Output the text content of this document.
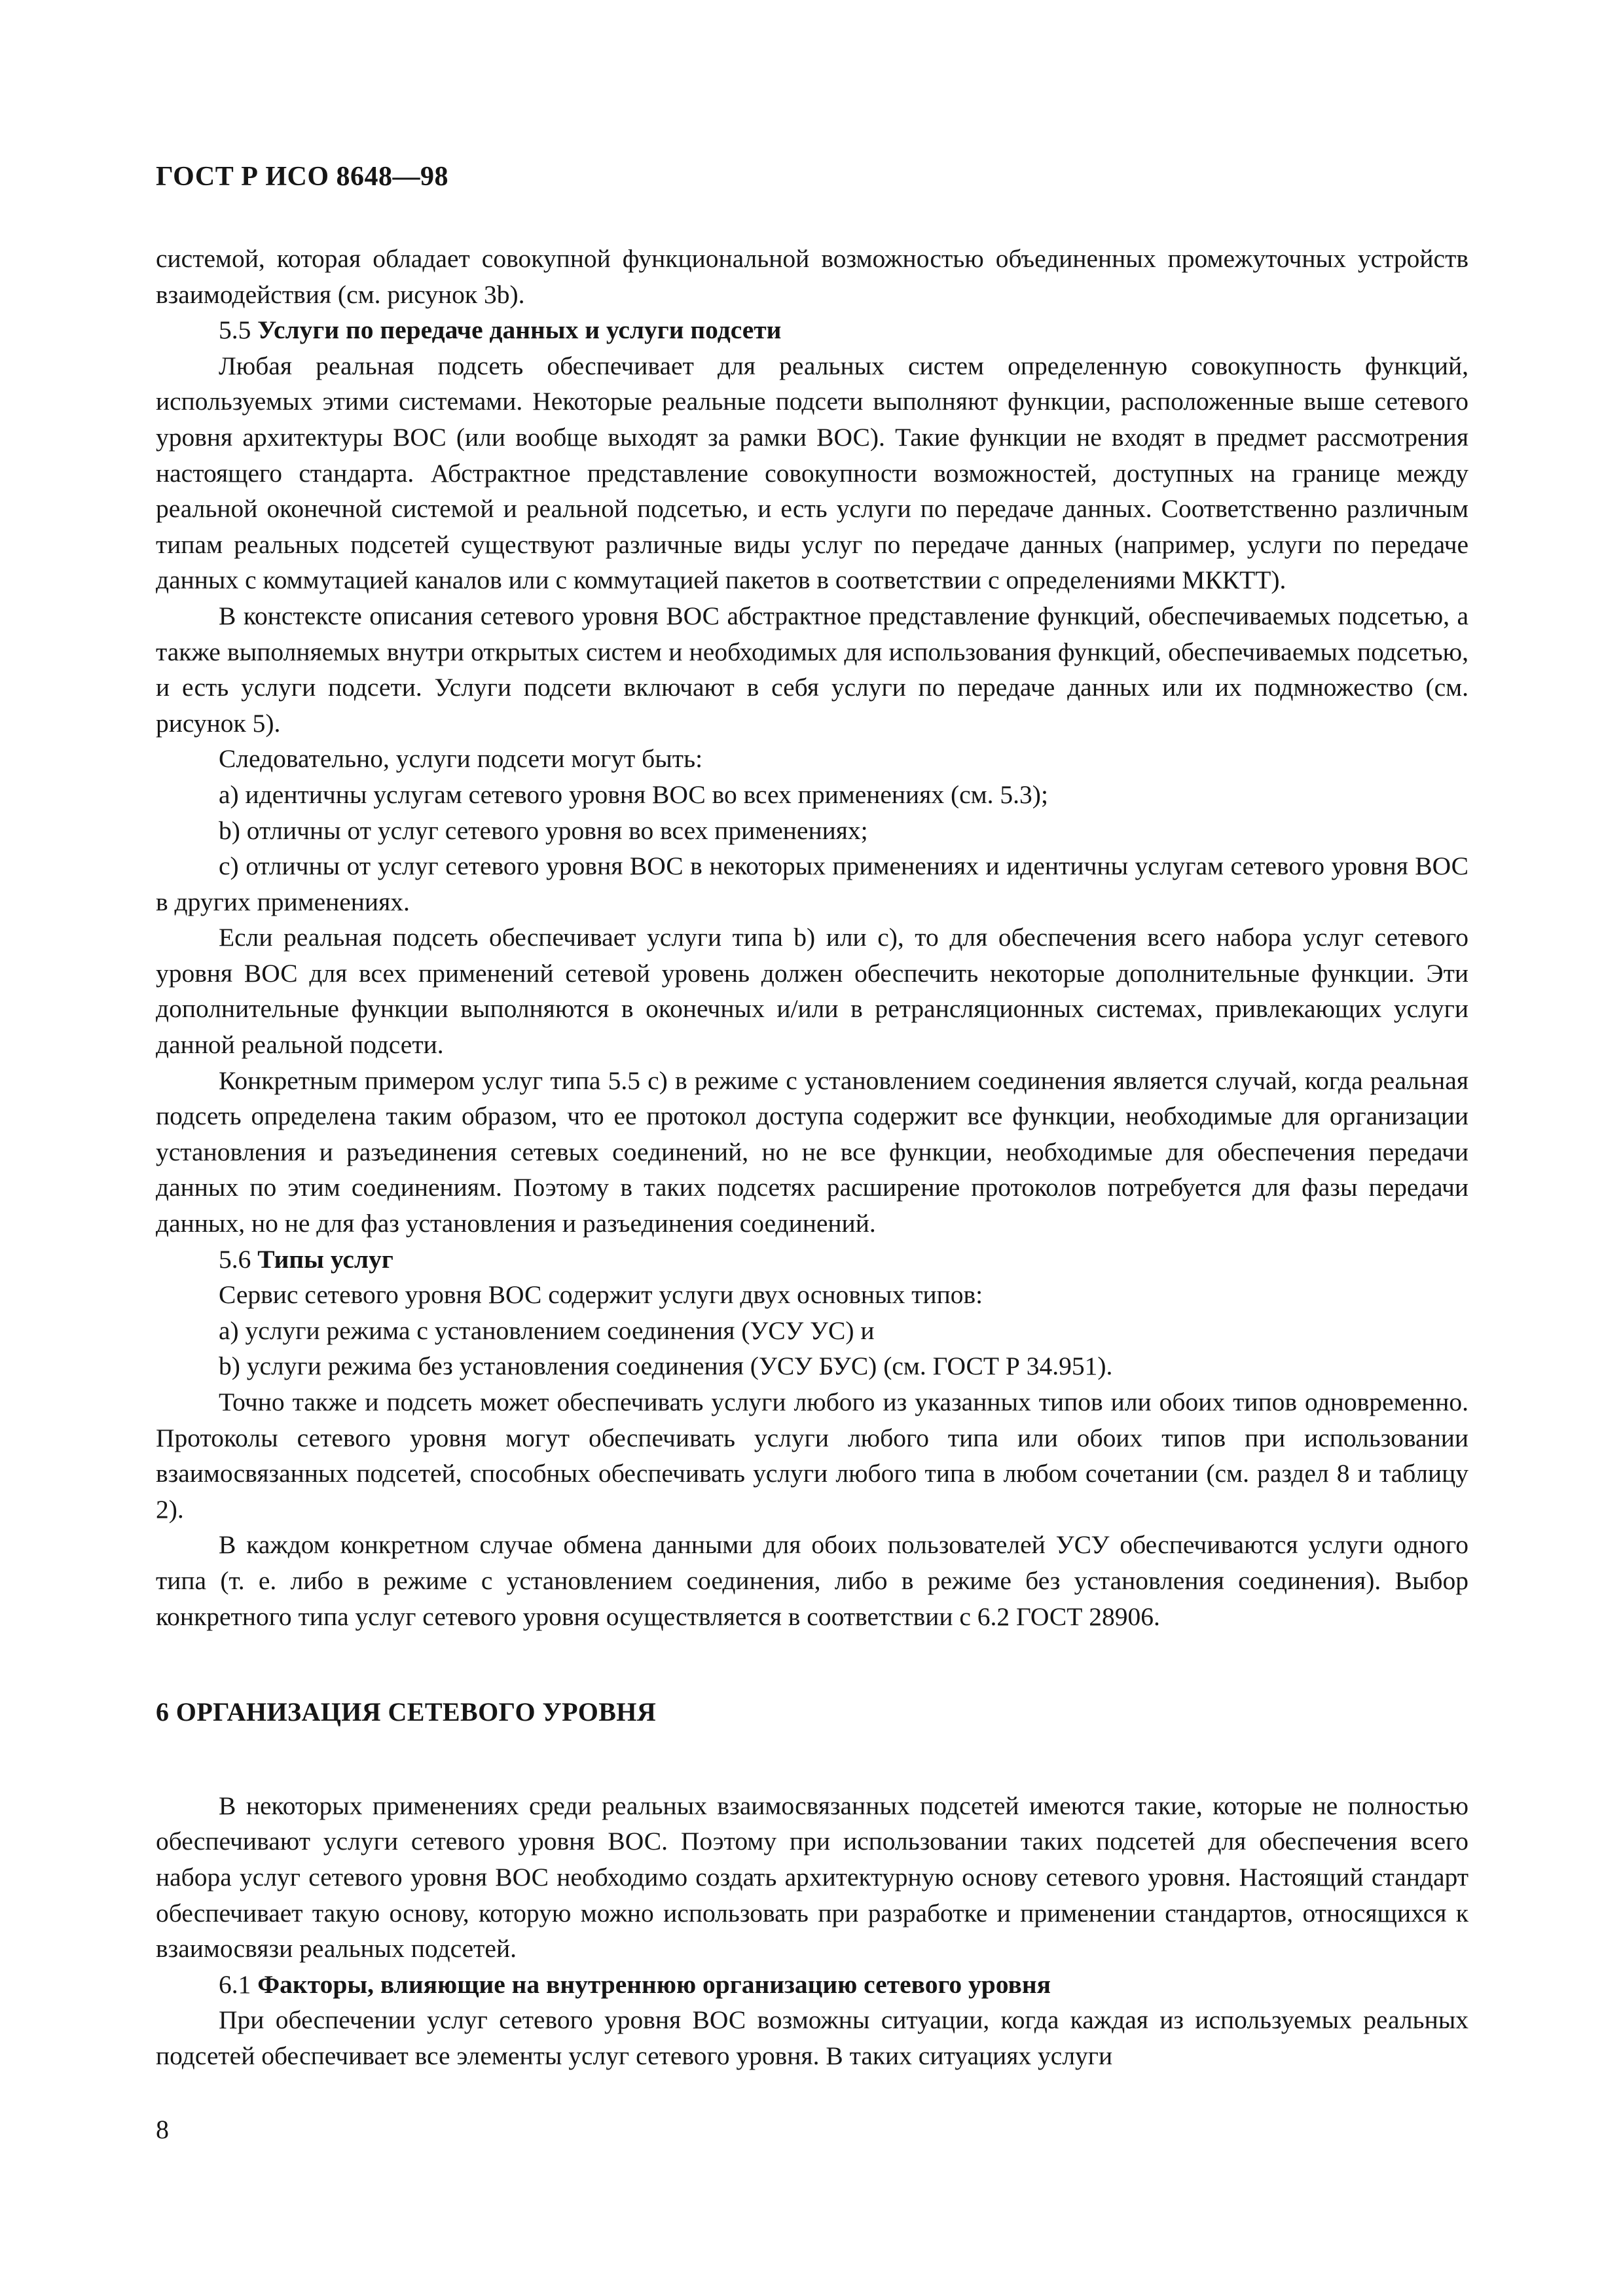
ГОСТ Р ИСО 8648—98

системой, которая обладает совокупной функциональной возможностью объединенных промежуточных устройств взаимодействия (см. рисунок 3b).

5.5 Услуги по передаче данных и услуги подсети

Любая реальная подсеть обеспечивает для реальных систем определенную совокупность функций, используемых этими системами. Некоторые реальные подсети выполняют функции, расположенные выше сетевого уровня архитектуры ВОС (или вообще выходят за рамки ВОС). Такие функции не входят в предмет рассмотрения настоящего стандарта. Абстрактное представление совокупности возможностей, доступных на границе между реальной оконечной системой и реальной подсетью, и есть услуги по передаче данных. Соответственно различным типам реальных подсетей существуют различные виды услуг по передаче данных (например, услуги по передаче данных с коммутацией каналов или с коммутацией пакетов в соответствии с определениями МККТТ).

В констексте описания сетевого уровня ВОС абстрактное представление функций, обеспечиваемых подсетью, а также выполняемых внутри открытых систем и необходимых для использования функций, обеспечиваемых подсетью, и есть услуги подсети. Услуги подсети включают в себя услуги по передаче данных или их подмножество (см. рисунок 5).

Следовательно, услуги подсети могут быть:

а) идентичны услугам сетевого уровня ВОС во всех применениях (см. 5.3);

b) отличны от услуг сетевого уровня во всех применениях;

с) отличны от услуг сетевого уровня ВОС в некоторых применениях и идентичны услугам сетевого уровня ВОС в других применениях.

Если реальная подсеть обеспечивает услуги типа b) или с), то для обеспечения всего набора услуг сетевого уровня ВОС для всех применений сетевой уровень должен обеспечить некоторые дополнительные функции. Эти дополнительные функции выполняются в оконечных и/или в ретрансляционных системах, привлекающих услуги данной реальной подсети.

Конкретным примером услуг типа 5.5 с) в режиме с установлением соединения является случай, когда реальная подсеть определена таким образом, что ее протокол доступа содержит все функции, необходимые для организации установления и разъединения сетевых соединений, но не все функции, необходимые для обеспечения передачи данных по этим соединениям. Поэтому в таких подсетях расширение протоколов потребуется для фазы передачи данных, но не для фаз установления и разъединения соединений.

5.6 Типы услуг

Сервис сетевого уровня ВОС содержит услуги двух основных типов:

а) услуги режима с установлением соединения (УСУ УС) и

b) услуги режима без установления соединения (УСУ БУС) (см. ГОСТ Р 34.951).

Точно также и подсеть может обеспечивать услуги любого из указанных типов или обоих типов одновременно. Протоколы сетевого уровня могут обеспечивать услуги любого типа или обоих типов при использовании взаимосвязанных подсетей, способных обеспечивать услуги любого типа в любом сочетании (см. раздел 8 и таблицу 2).

В каждом конкретном случае обмена данными для обоих пользователей УСУ обеспечиваются услуги одного типа (т. е. либо в режиме с установлением соединения, либо в режиме без установления соединения). Выбор конкретного типа услуг сетевого уровня осуществляется в соответствии с 6.2 ГОСТ 28906.

6 ОРГАНИЗАЦИЯ СЕТЕВОГО УРОВНЯ

В некоторых применениях среди реальных взаимосвязанных подсетей имеются такие, которые не полностью обеспечивают услуги сетевого уровня ВОС. Поэтому при использовании таких подсетей для обеспечения всего набора услуг сетевого уровня ВОС необходимо создать архитектурную основу сетевого уровня. Настоящий стандарт обеспечивает такую основу, которую можно использовать при разработке и применении стандартов, относящихся к взаимосвязи реальных подсетей.

6.1 Факторы, влияющие на внутреннюю организацию сетевого уровня

При обеспечении услуг сетевого уровня ВОС возможны ситуации, когда каждая из используемых реальных подсетей обеспечивает все элементы услуг сетевого уровня. В таких ситуациях услуги

8
